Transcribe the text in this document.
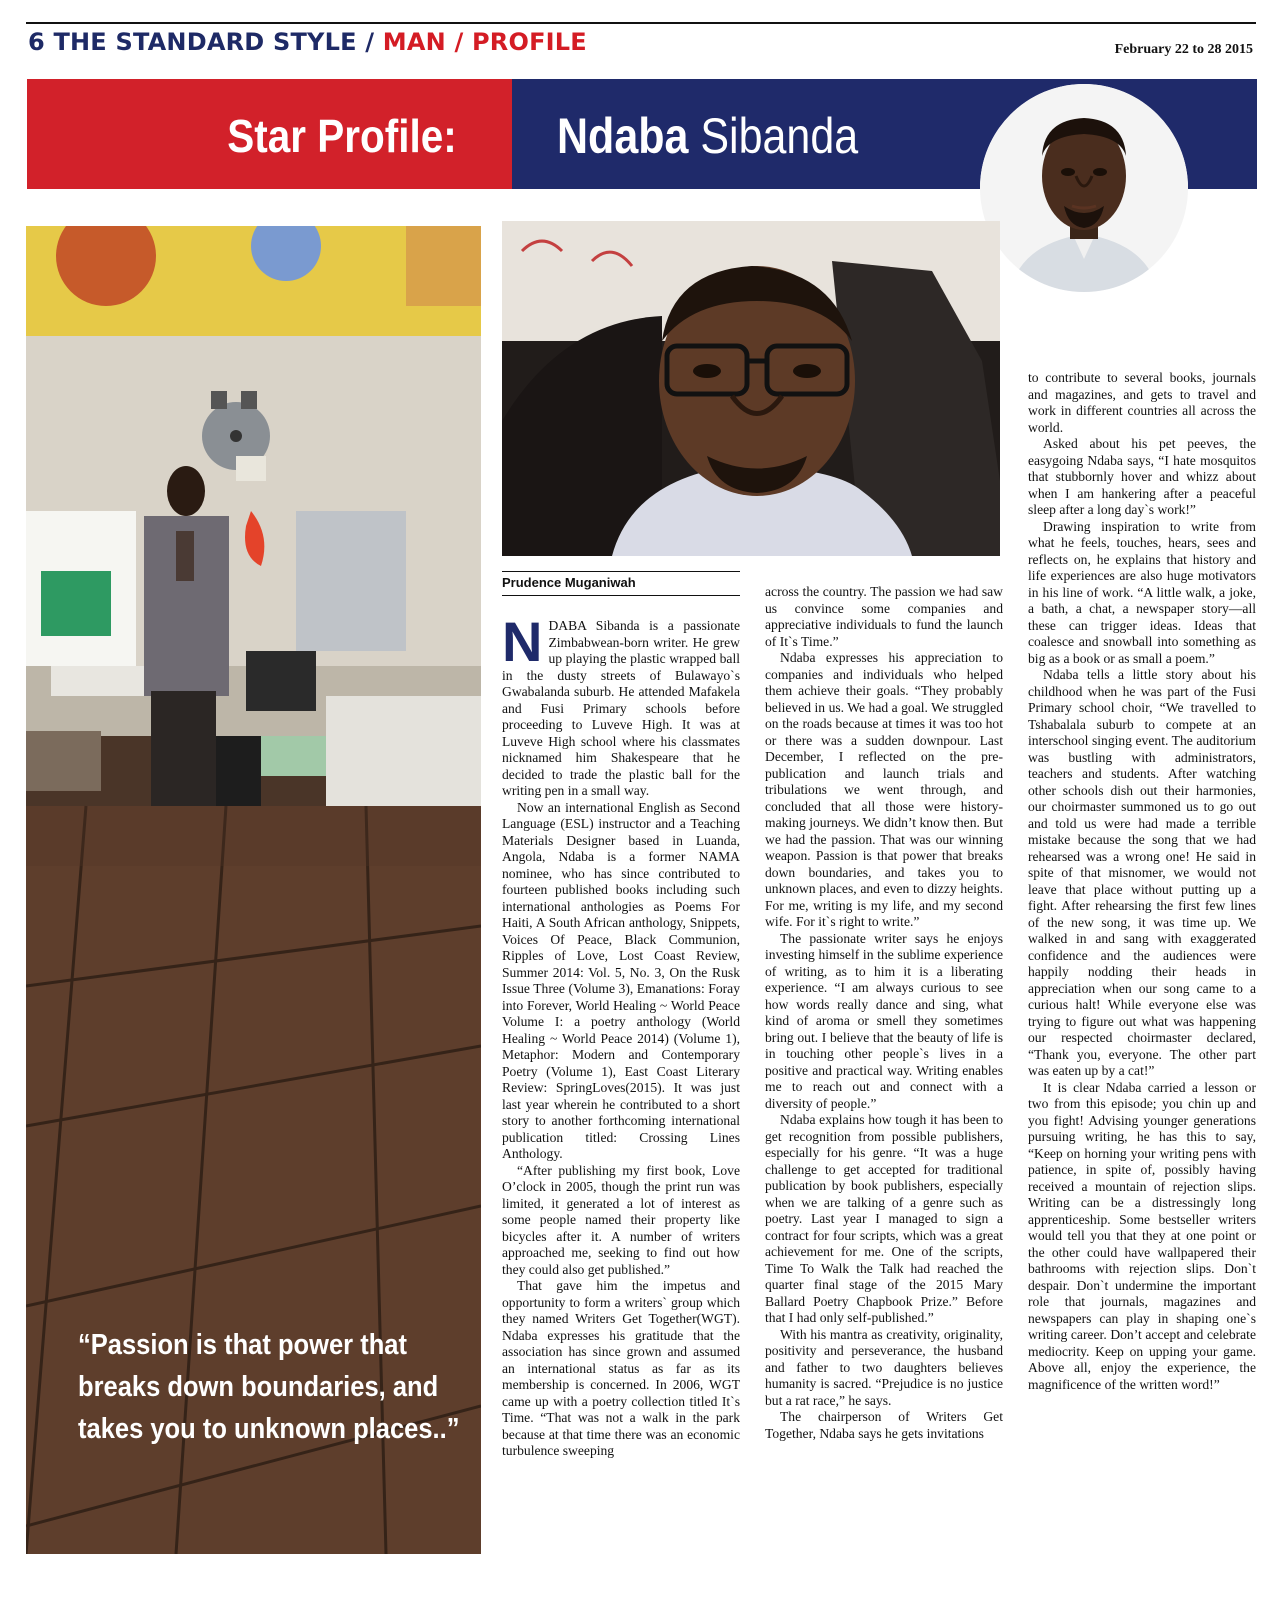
6 THE STANDARD STYLE / MAN / PROFILE	February 22 to 28 2015
Star Profile: Ndaba Sibanda
“Passion is that power that breaks down boundaries, and takes you to unknown places..”
Prudence Muganiwah

NDABA Sibanda is a passionate Zimbabwean-born writer. He grew up playing the plastic wrapped ball in the dusty streets of Bulawayo`s Gwabalanda suburb. He attended Mafakela and Fusi Primary schools before proceeding to Luveve High. It was at Luveve High school where his classmates nicknamed him Shakespeare that he decided to trade the plastic ball for the writing pen in a small way.

Now an international English as Second Language (ESL) instructor and a Teaching Materials Designer based in Luanda, Angola, Ndaba is a former NAMA nominee, who has since contributed to fourteen published books including such international anthologies as Poems For Haiti, A South African anthology, Snippets, Voices Of Peace, Black Communion, Ripples of Love, Lost Coast Review, Summer 2014: Vol. 5, No. 3, On the Rusk Issue Three (Volume 3), Emanations: Foray into Forever, World Healing ~ World Peace Volume I: a poetry anthology (World Healing ~ World Peace 2014) (Volume 1), Metaphor: Modern and Contemporary Poetry (Volume 1), East Coast Literary Review: SpringLoves(2015). It was just last year wherein he contributed to a short story to another forthcoming international publication titled: Crossing Lines Anthology.

“After publishing my first book, Love O’clock in 2005, though the print run was limited, it generated a lot of interest as some people named their property like bicycles after it. A number of writers approached me, seeking to find out how they could also get published.”

That gave him the impetus and opportunity to form a writers` group which they named Writers Get Together(WGT). Ndaba expresses his gratitude that the association has since grown and assumed an international status as far as its membership is concerned. In 2006, WGT came up with a poetry collection titled It`s Time. “That was not a walk in the park because at that time there was an economic turbulence sweeping

across the country. The passion we had saw us convince some companies and appreciative individuals to fund the launch of It`s Time.”

Ndaba expresses his appreciation to companies and individuals who helped them achieve their goals. “They probably believed in us. We had a goal. We struggled on the roads because at times it was too hot or there was a sudden downpour. Last December, I reflected on the pre-publication and launch trials and tribulations we went through, and concluded that all those were history-making journeys. We didn’t know then. But we had the passion. That was our winning weapon. Passion is that power that breaks down boundaries, and takes you to unknown places, and even to dizzy heights. For me, writing is my life, and my second wife. For it`s right to write.”

The passionate writer says he enjoys investing himself in the sublime experience of writing, as to him it is a liberating experience. “I am always curious to see how words really dance and sing, what kind of aroma or smell they sometimes bring out. I believe that the beauty of life is in touching other people`s lives in a positive and practical way. Writing enables me to reach out and connect with a diversity of people.”

Ndaba explains how tough it has been to get recognition from possible publishers, especially for his genre. “It was a huge challenge to get accepted for traditional publication by book publishers, especially when we are talking of a genre such as poetry. Last year I managed to sign a contract for four scripts, which was a great achievement for me. One of the scripts, Time To Walk the Talk had reached the quarter final stage of the 2015 Mary Ballard Poetry Chapbook Prize.” Before that I had only self-published.”

With his mantra as creativity, originality, positivity and perseverance, the husband and father to two daughters believes humanity is sacred. “Prejudice is no justice but a rat race,” he says.

The chairperson of Writers Get Together, Ndaba says he gets invitations

to contribute to several books, journals and magazines, and gets to travel and work in different countries all across the world.

Asked about his pet peeves, the easygoing Ndaba says, “I hate mosquitos that stubbornly hover and whizz about when I am hankering after a peaceful sleep after a long day`s work!”

Drawing inspiration to write from what he feels, touches, hears, sees and reflects on, he explains that history and life experiences are also huge motivators in his line of work. “A little walk, a joke, a bath, a chat, a newspaper story—all these can trigger ideas. Ideas that coalesce and snowball into something as big as a book or as small a poem.”

Ndaba tells a little story about his childhood when he was part of the Fusi Primary school choir, “We travelled to Tshabalala suburb to compete at an interschool singing event. The auditorium was bustling with administrators, teachers and students. After watching other schools dish out their harmonies, our choirmaster summoned us to go out and told us were had made a terrible mistake because the song that we had rehearsed was a wrong one! He said in spite of that misnomer, we would not leave that place without putting up a fight. After rehearsing the first few lines of the new song, it was time up. We walked in and sang with exaggerated confidence and the audiences were happily nodding their heads in appreciation when our song came to a curious halt! While everyone else was trying to figure out what was happening our respected choirmaster declared, “Thank you, everyone. The other part was eaten up by a cat!”

It is clear Ndaba carried a lesson or two from this episode; you chin up and you fight! Advising younger generations pursuing writing, he has this to say, “Keep on horning your writing pens with patience, in spite of, possibly having received a mountain of rejection slips. Writing can be a distressingly long apprenticeship. Some bestseller writers would tell you that they at one point or the other could have wallpapered their bathrooms with rejection slips. Don`t despair. Don`t undermine the important role that journals, magazines and newspapers can play in shaping one`s writing career. Don’t accept and celebrate mediocrity. Keep on upping your game. Above all, enjoy the experience, the magnificence of the written word!”
